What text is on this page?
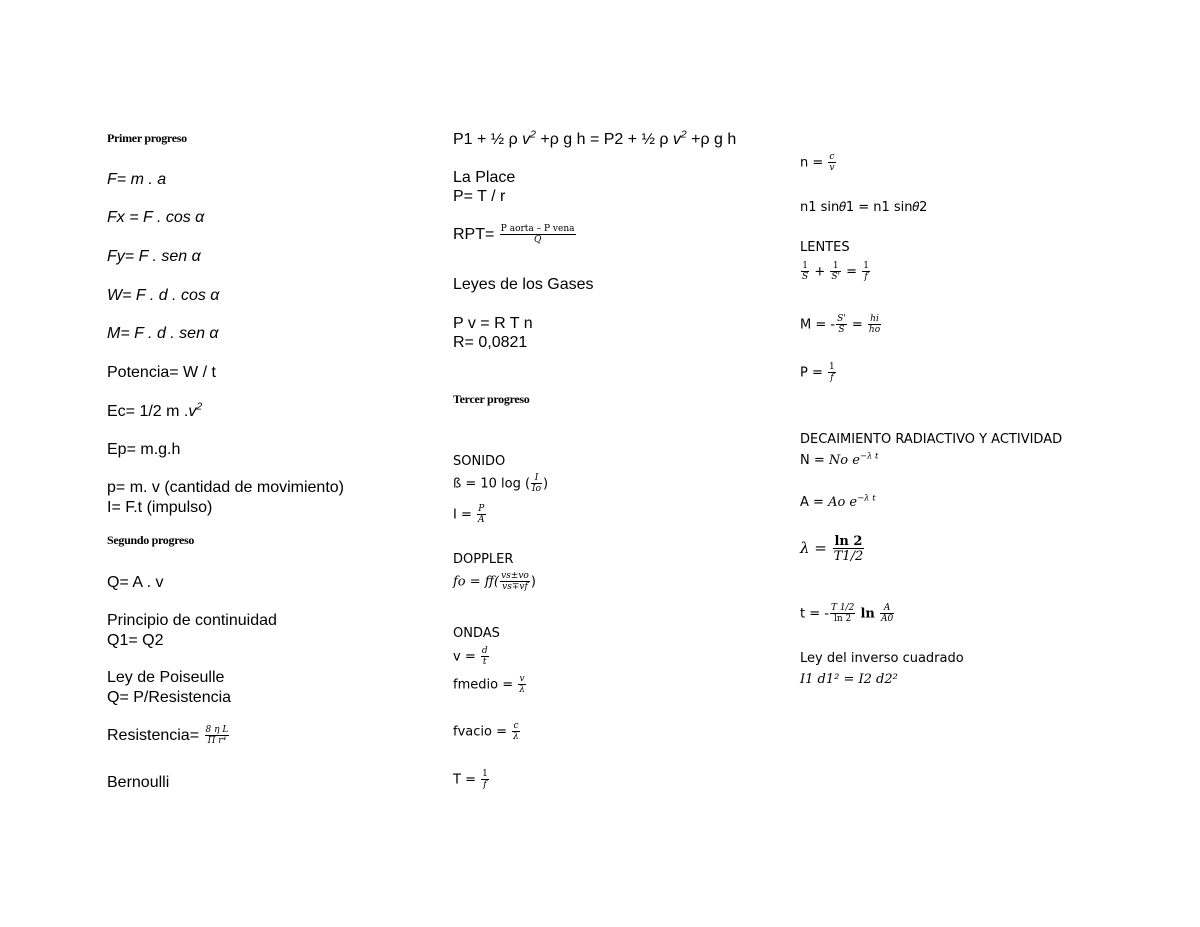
Primer progreso
F= m . a
Fx = F . cos α
Fy= F . sen α
W= F . d . cos α
M= F . d . sen α
Potencia= W / t
Ec= 1/2 m $.v^2$
Ep= m.g.h
p= m. v (cantidad de movimiento)
I= F.t (impulso)
Segundo progreso
Q= A . v
Principio de continuidad
Q1= Q2
Ley de Poiseulle
Q= P/Resistencia
Resistencia= $\frac{\text{8 η L}}{\text{Π r⁴}}$
Bernoulli
P1 + ½ ρ $v^2 +\rho$ g h = P2 + ½ ρ $v^2 +\rho$ g h
La Place
P= T / r
$RPT= \frac{\text{P aorta – P vena}}{Q}$
Leyes de los Gases
P v = R T n
R= 0,0821
Tercer progreso
SONIDO
ß = 10 log ( $\frac{I}{Io}$ )
$I = \frac{P}{A}$
DOPPLER
fo = $ff( \frac{vs\pm vo}{vs\mp vf}$ )
ONDAS
$v = \frac{d}{t}$
fmedio = $\frac{v}{\lambda}$
fvacio = $\frac{c}{\lambda}$
$T = \frac{1}{f}$
$n = \frac{c}{v}$
n1 sin𝜃1 = n1 sin𝜃2
LENTES
$\frac{1}{S} + \frac{1}{S'} = \frac{1}{f}$
M = - $\frac{S'}{S} = \frac{hi}{ho}$
$P = \frac{1}{f}$
DECAIMIENTO RADIACTIVO Y ACTIVIDAD
N = No $e^{-\lambda t}$
A = Ao $e^{-\lambda t}$
$\lambda = \frac{\ln 2}{T1/2}$
t = - $\frac{T 1/2}{\ln 2}$ $\ln \frac{A}{A0}$
Ley del inverso cuadrado
I1 d1² = I2 d2²
